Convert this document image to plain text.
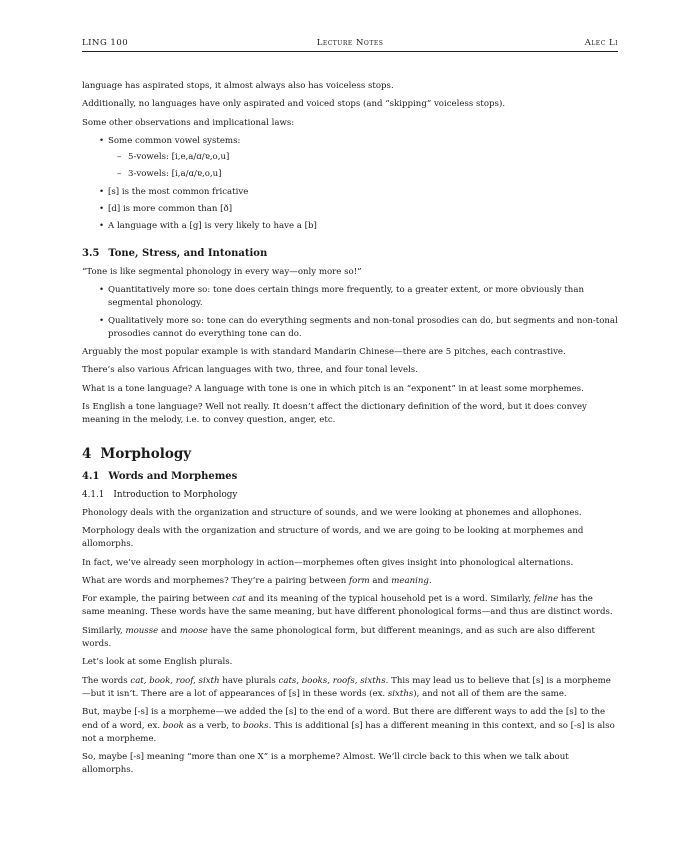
LING 100	Lecture Notes	Alec Li

language has aspirated stops, it almost always also has voiceless stops.

Additionally, no languages have only aspirated and voiced stops (and “skipping” voiceless stops).

Some other observations and implicational laws:

• Some common vowel systems:
– 5-vowels: [i,e,a/ɑ/ɐ,o,u]
– 3-vowels: [i,a/ɑ/ɐ,o,u]
• [s] is the most common fricative
• [d] is more common than [ð]
• A language with a [g] is very likely to have a [b]
3.5 Tone, Stress, and Intonation

“Tone is like segmental phonology in every way—only more so!”

• Quantitatively more so: tone does certain things more frequently, to a greater extent, or more obviously than segmental phonology.
• Qualitatively more so: tone can do everything segments and non-tonal prosodies can do, but segments and non-tonal prosodies cannot do everything tone can do.

Arguably the most popular example is with standard Mandarin Chinese—there are 5 pitches, each contrastive.

There’s also various African languages with two, three, and four tonal levels.

What is a tone language? A language with tone is one in which pitch is an “exponent” in at least some morphemes.

Is English a tone language? Well not really. It doesn’t affect the dictionary definition of the word, but it does convey meaning in the melody, i.e. to convey question, anger, etc.

4 Morphology
4.1 Words and Morphemes
4.1.1 Introduction to Morphology

Phonology deals with the organization and structure of sounds, and we were looking at phonemes and allophones.

Morphology deals with the organization and structure of words, and we are going to be looking at morphemes and allomorphs.

In fact, we’ve already seen morphology in action—morphemes often gives insight into phonological alternations.

What are words and morphemes? They’re a pairing between form and meaning.

For example, the pairing between cat and its meaning of the typical household pet is a word. Similarly, feline has the same meaning. These words have the same meaning, but have different phonological forms—and thus are distinct words.

Similarly, mousse and moose have the same phonological form, but different meanings, and as such are also different words.

Let’s look at some English plurals.

The words cat, book, roof, sixth have plurals cats, books, roofs, sixths. This may lead us to believe that [s] is a morpheme—but it isn’t. There are a lot of appearances of [s] in these words (ex. sixths), and not all of them are the same.

But, maybe [-s] is a morpheme—we added the [s] to the end of a word. But there are different ways to add the [s] to the end of a word, ex. book as a verb, to books. This is additional [s] has a different meaning in this context, and so [-s] is also not a morpheme.

So, maybe [-s] meaning “more than one X” is a morpheme? Almost. We’ll circle back to this when we talk about allomorphs.
